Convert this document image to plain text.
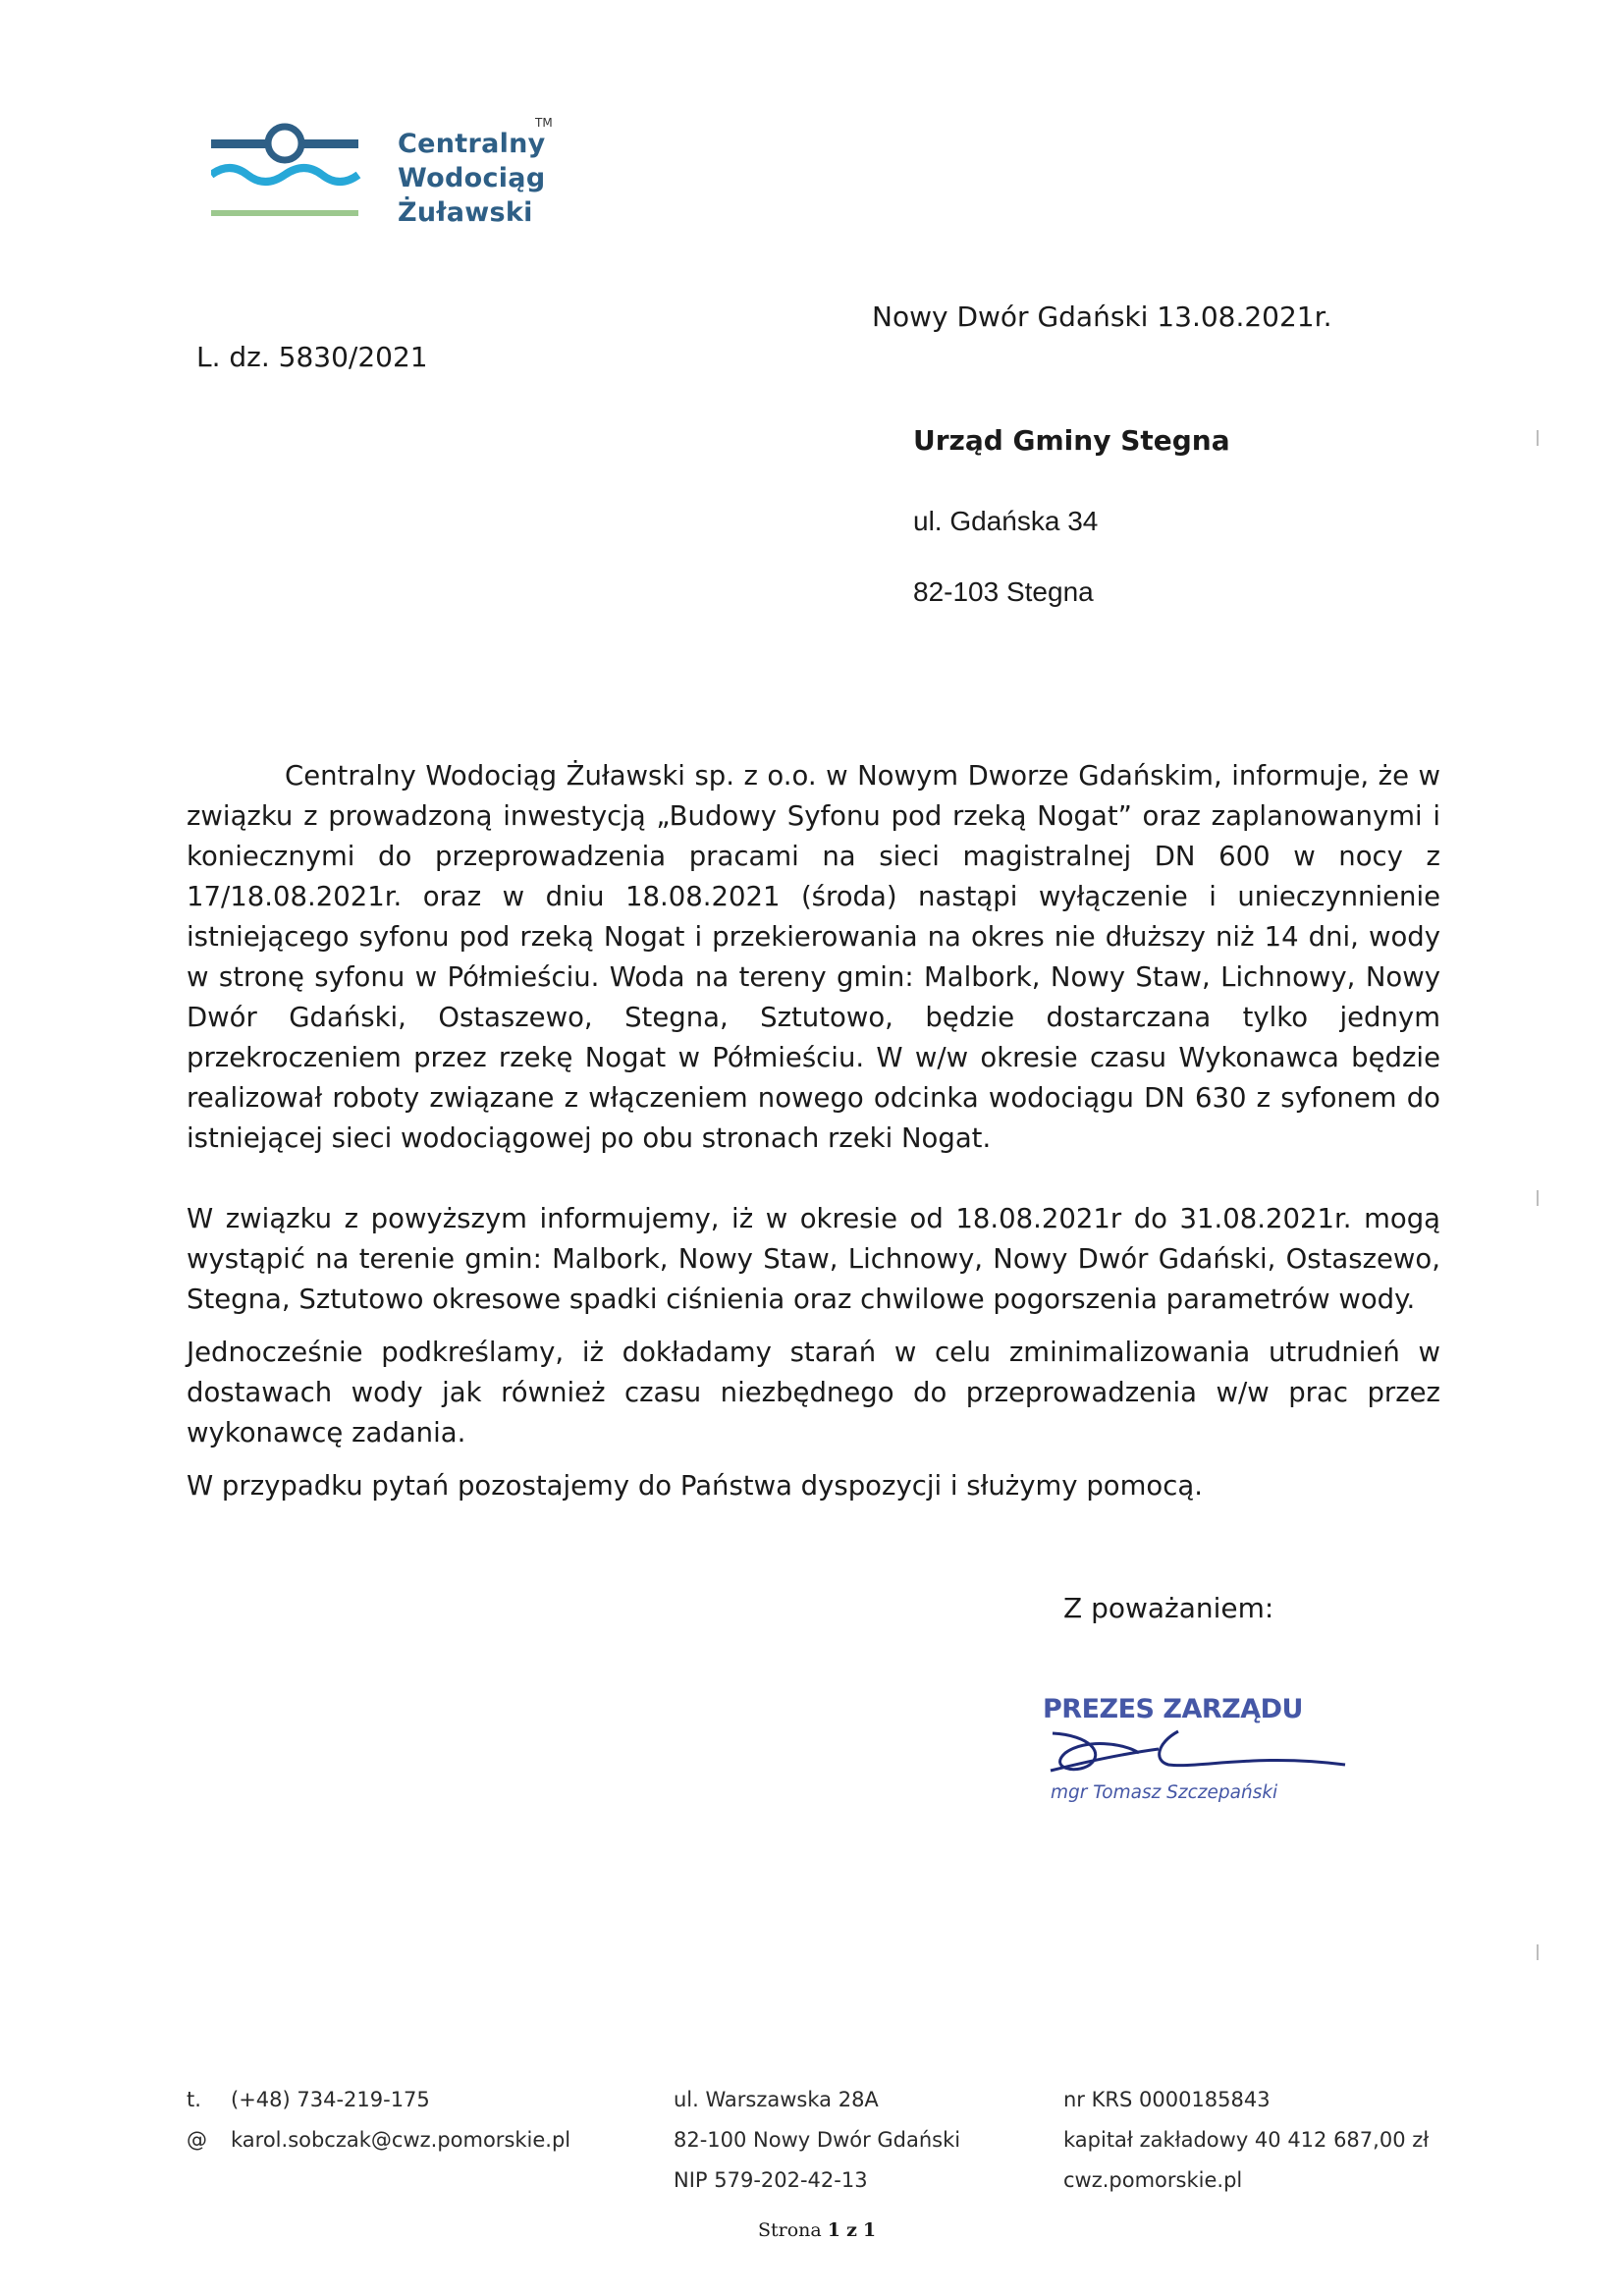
Centralny
Wodociąg
Żuławski
TM
Nowy Dwór Gdański 13.08.2021r.
L. dz. 5830/2021
Urząd Gminy Stegna
ul. Gdańska 34
82-103 Stegna

Centralny Wodociąg Żuławski sp. z o.o. w Nowym Dworze Gdańskim, informuje, że w związku z prowadzoną inwestycją „Budowy Syfonu pod rzeką Nogat” oraz zaplanowanymi i koniecznymi do przeprowadzenia pracami na sieci magistralnej DN 600 w nocy z 17/18.08.2021r. oraz w dniu 18.08.2021 (środa) nastąpi wyłączenie i unieczynnienie istniejącego syfonu pod rzeką Nogat i przekierowania na okres nie dłuższy niż 14 dni, wody w stronę syfonu w Półmieściu. Woda na tereny gmin: Malbork, Nowy Staw, Lichnowy, Nowy Dwór Gdański, Ostaszewo, Stegna, Sztutowo, będzie dostarczana tylko jednym przekroczeniem przez rzekę Nogat w Półmieściu. W w/w okresie czasu Wykonawca będzie realizował roboty związane z włączeniem nowego odcinka wodociągu DN 630 z syfonem do istniejącej sieci wodociągowej po obu stronach rzeki Nogat.

W związku z powyższym informujemy, iż w okresie od 18.08.2021r do 31.08.2021r. mogą wystąpić na terenie gmin: Malbork, Nowy Staw, Lichnowy, Nowy Dwór Gdański, Ostaszewo, Stegna, Sztutowo okresowe spadki ciśnienia oraz chwilowe pogorszenia parametrów wody.

Jednocześnie podkreślamy, iż dokładamy starań w celu zminimalizowania utrudnień w dostawach wody jak również czasu niezbędnego do przeprowadzenia w/w prac przez wykonawcę zadania.

W przypadku pytań pozostajemy do Państwa dyspozycji i służymy pomocą.

Z poważaniem:
PREZES ZARZĄDU
mgr Tomasz Szczepański
t. (+48) 734-219-175
@ karol.sobczak@cwz.pomorskie.pl
ul. Warszawska 28A
82-100 Nowy Dwór Gdański
NIP 579-202-42-13
nr KRS 0000185843
kapitał zakładowy 40 412 687,00 zł
cwz.pomorskie.pl
Strona 1 z 1
